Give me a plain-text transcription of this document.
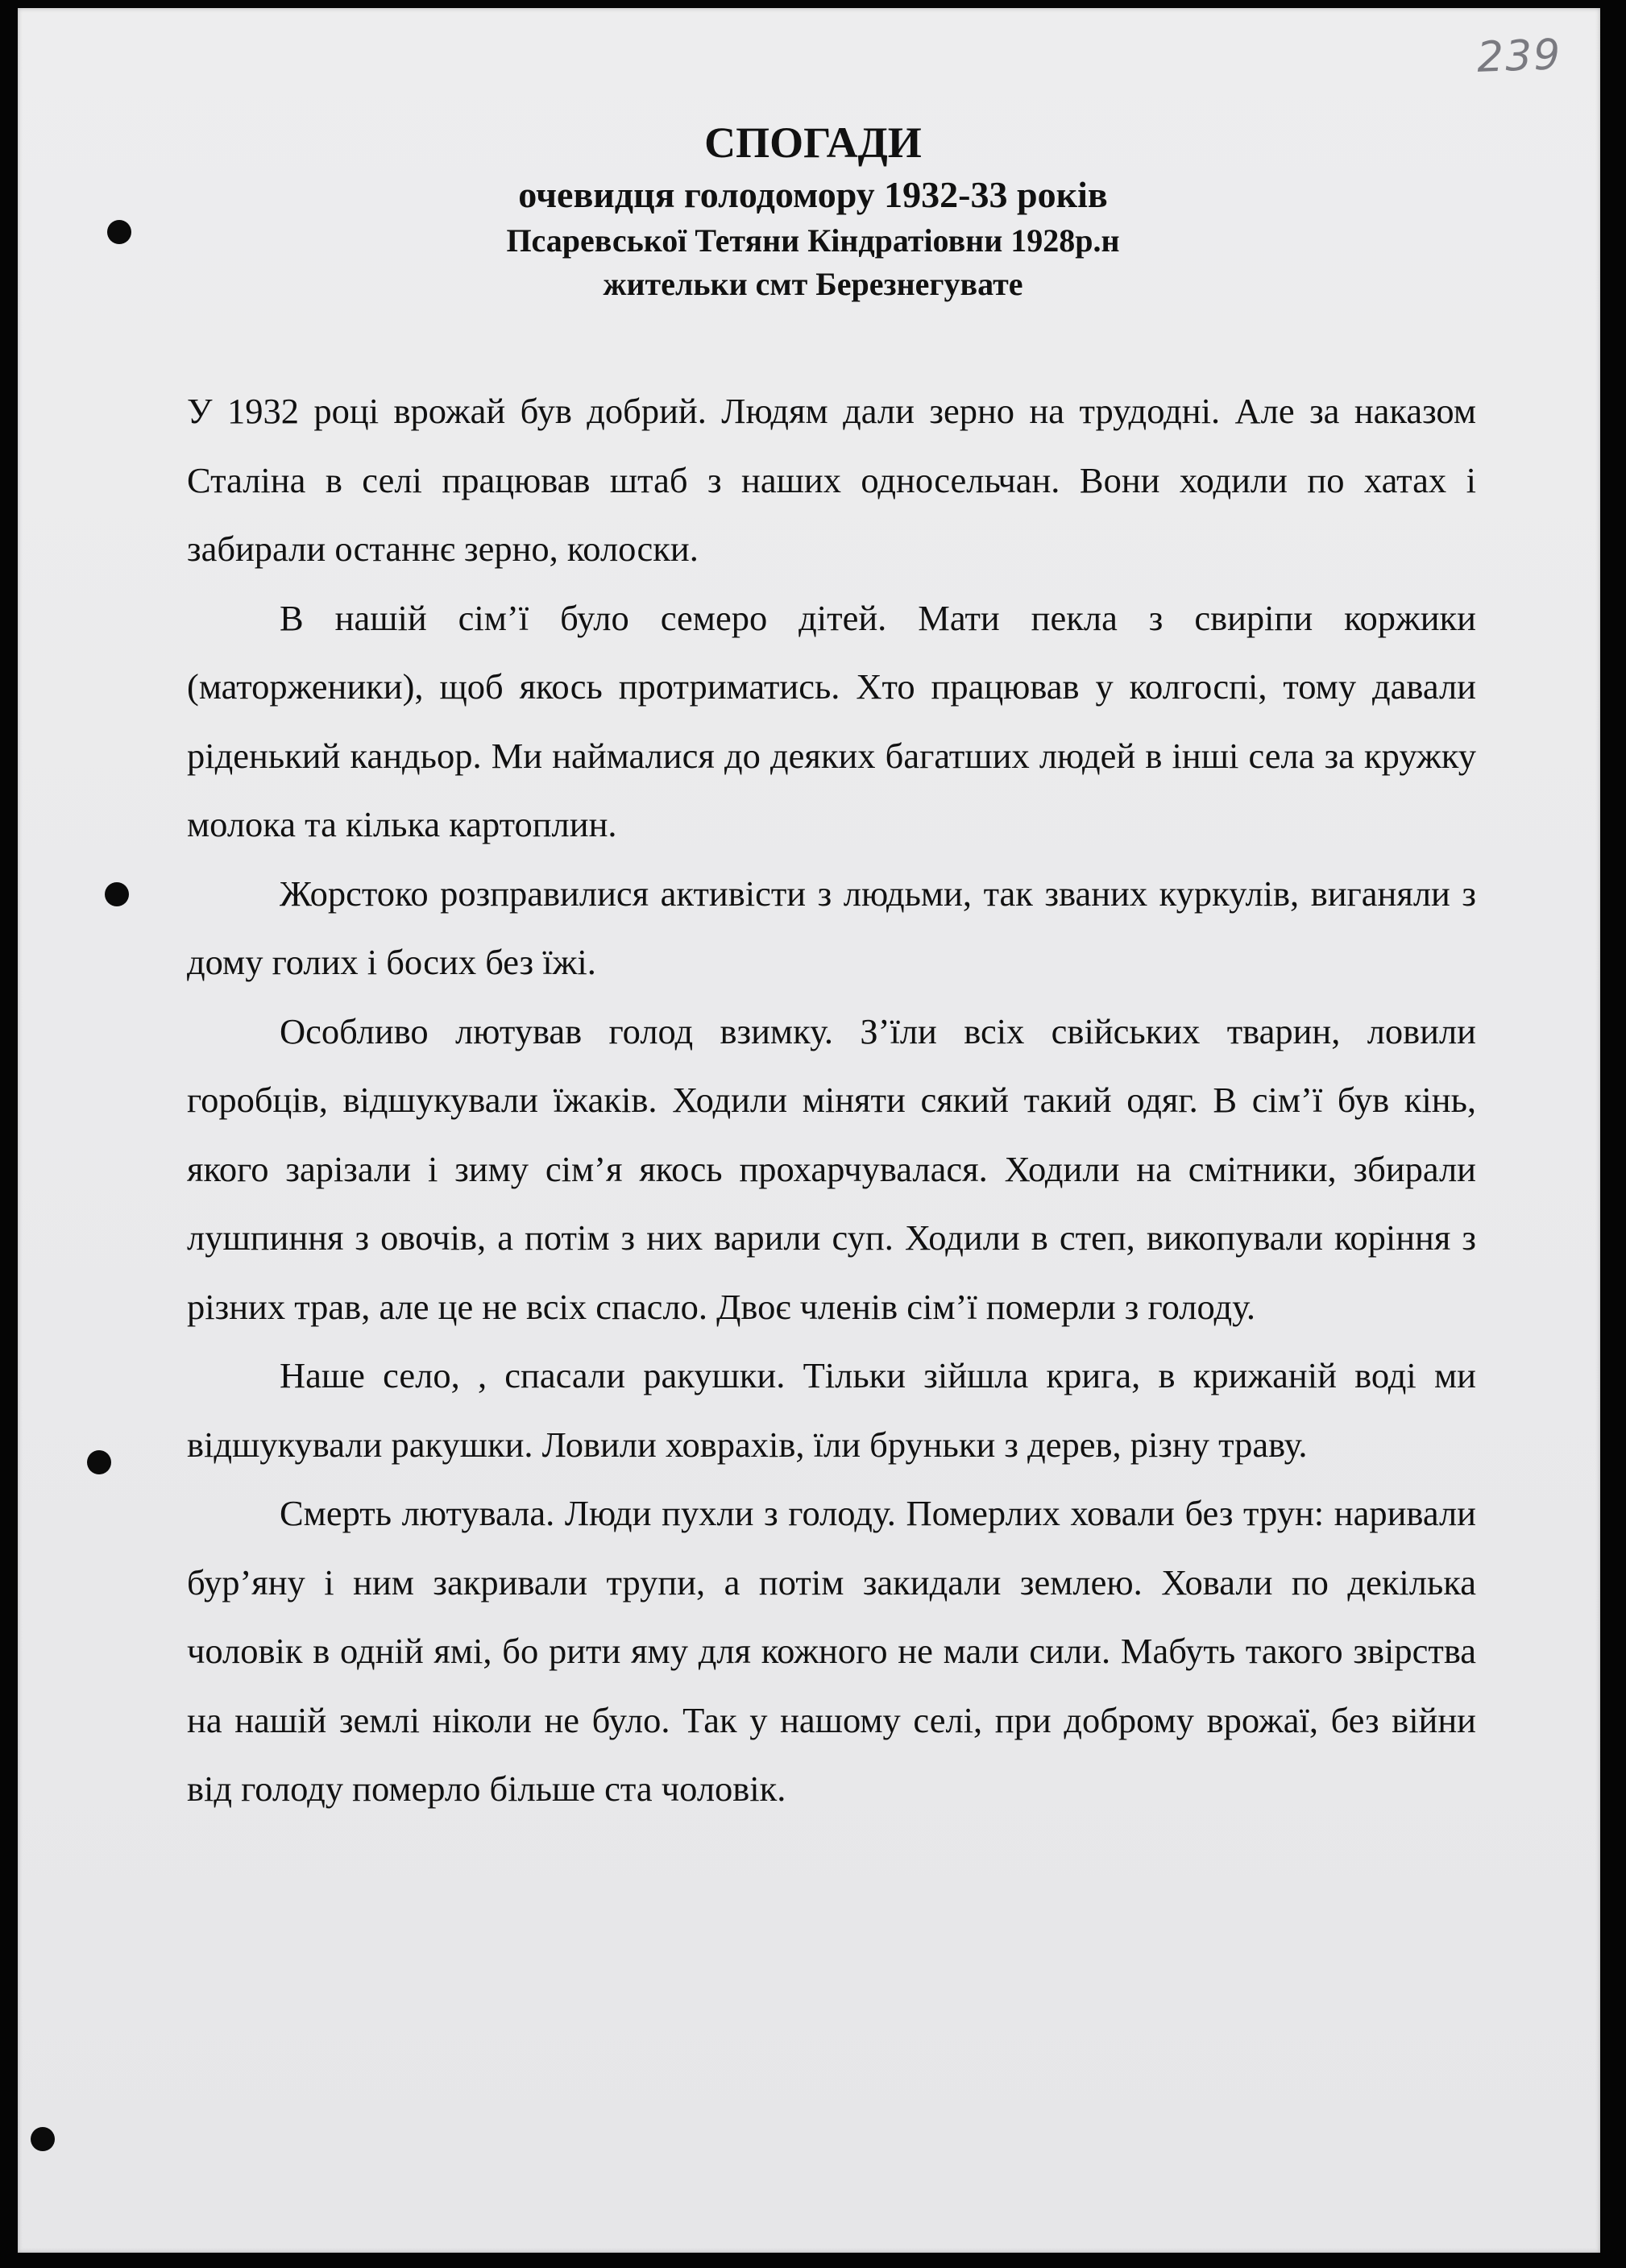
239
СПОГАДИ
очевидця голодомору 1932-33 років
Псаревської Тетяни Кіндратіовни 1928р.н
жительки смт Березнегувате

У 1932 році врожай був добрий. Людям дали зерно на трудодні. Але за наказом Сталіна в селі працював штаб з наших односельчан. Вони ходили по хатах і забирали останнє зерно, колоски.

В нашій сім’ї було семеро дітей. Мати пекла з свиріпи коржики (маторженики), щоб якось протриматись. Хто працював у колгоспі, тому давали ріденький кандьор. Ми наймалися до деяких багатших людей в інші села за кружку молока та кілька картоплин.

Жорстоко розправилися активісти з людьми, так званих куркулів, виганяли з дому голих і босих без їжі.

Особливо лютував голод взимку. З’їли всіх свійських тварин, ловили горобців, відшукували їжаків. Ходили міняти сякий такий одяг. В сім’ї був кінь, якого зарізали і зиму сім’я якось прохарчувалася. Ходили на смітники, збирали лушпиння з овочів, а потім з них варили суп. Ходили в степ, викопували коріння з різних трав, але це не всіх спасло. Двоє членів сім’ї померли з голоду.

Наше село, , спасали ракушки. Тільки зійшла крига, в крижаній воді ми відшукували ракушки. Ловили ховрахів, їли бруньки з дерев, різну траву.

Смерть лютувала. Люди пухли з голоду. Померлих ховали без трун: наривали бур’яну і ним закривали трупи, а потім закидали землею. Ховали по декілька чоловік в одній ямі, бо рити яму для кожного не мали сили. Мабуть такого звірства на нашій землі ніколи не було. Так у нашому селі, при доброму врожаї, без війни від голоду померло більше ста чоловік.
